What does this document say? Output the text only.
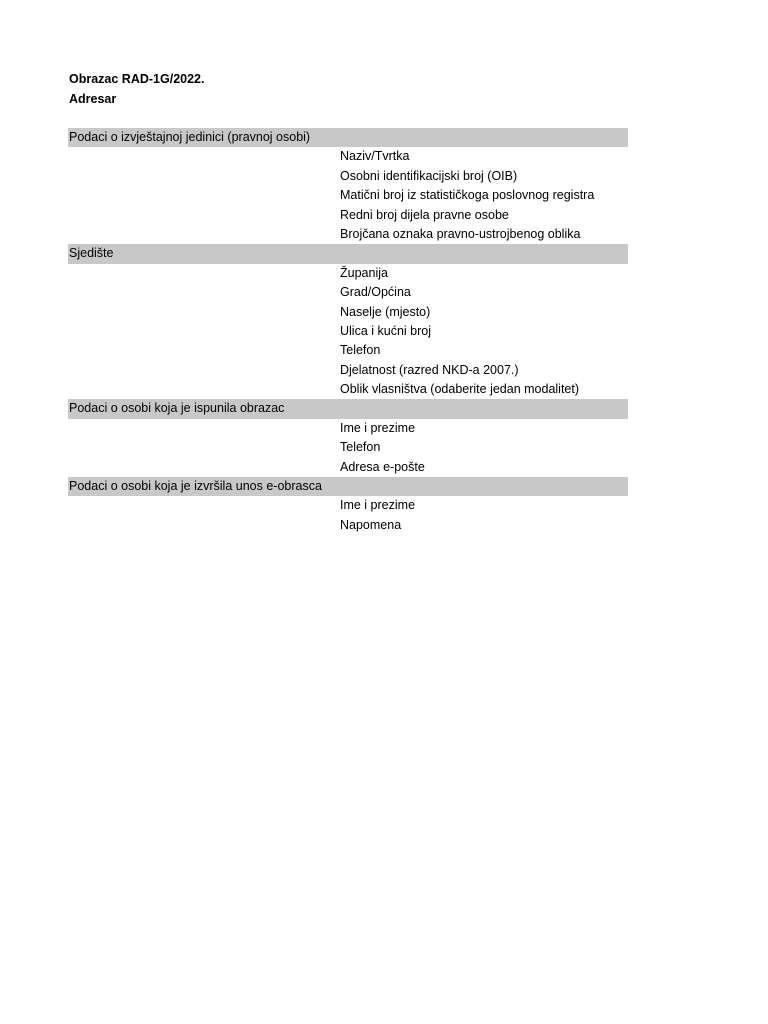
Obrazac RAD-1G/2022.
Adresar
Podaci o izvještajnoj jedinici (pravnoj osobi)
Naziv/Tvrtka
Osobni identifikacijski broj (OIB)
Matični broj iz statističkoga poslovnog registra
Redni broj dijela pravne osobe
Brojčana oznaka pravno-ustrojbenog oblika
Sjedište
Županija
Grad/Općina
Naselje (mjesto)
Ulica i kućni broj
Telefon
Djelatnost (razred NKD-a 2007.)
Oblik vlasništva (odaberite jedan modalitet)
Podaci o osobi koja je ispunila obrazac
Ime i prezime
Telefon
Adresa e-pošte
Podaci o osobi koja je izvršila unos e-obrasca
Ime i prezime
Napomena
